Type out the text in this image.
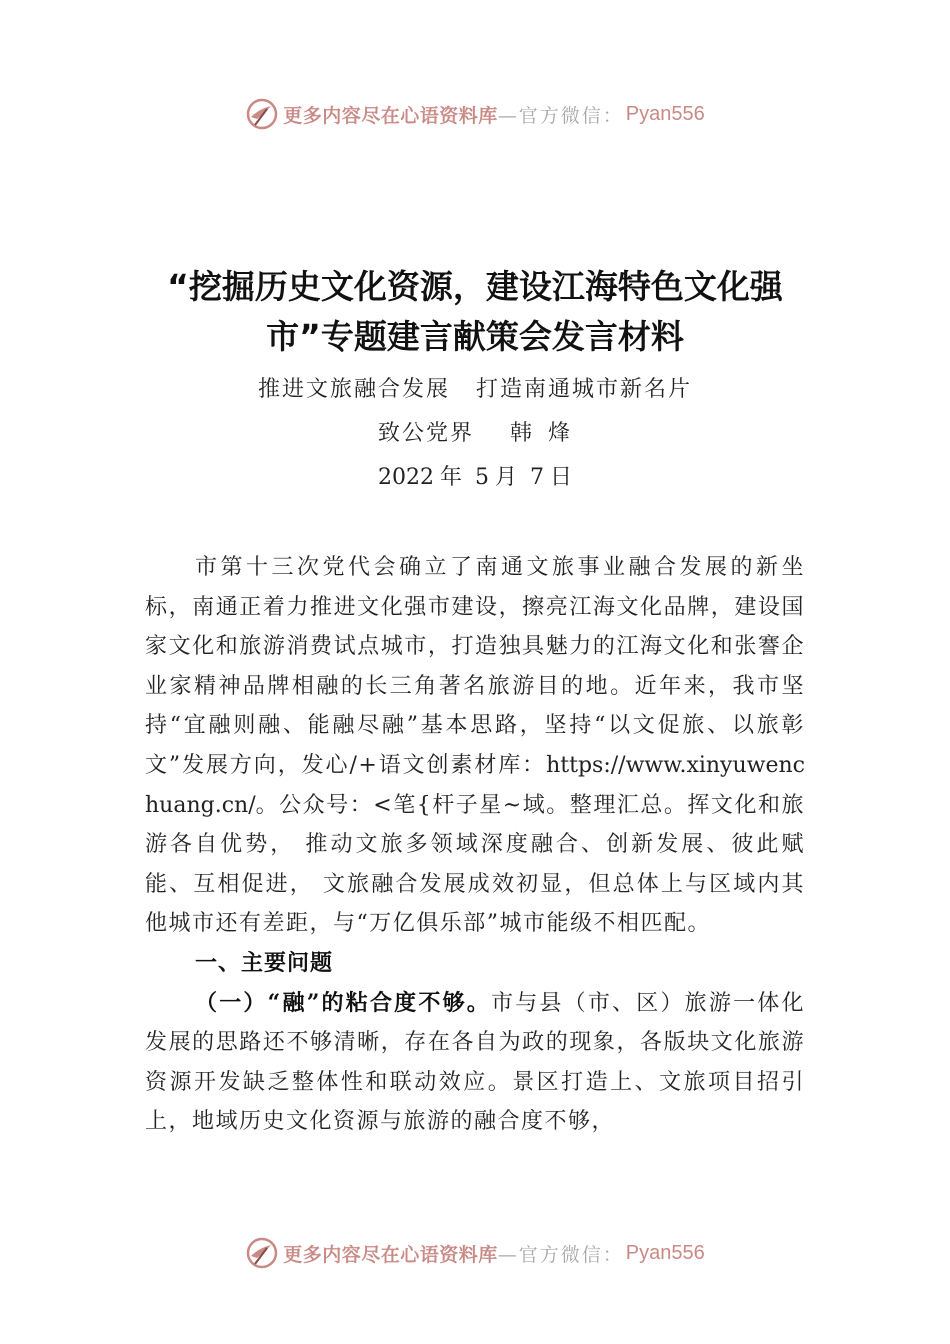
更多内容尽在心语资料库 —官方微信： Pyan556
“挖掘历史文化资源，建设江海特色文化强
市”专题建言献策会发言材料
推进文旅融合发展 打造南通城市新名片
致公党界 韩 烽
2022 年 5 月 7 日

市第十三次党代会确立了南通文旅事业融合发展的新坐标，南通正着力推进文化强市建设，擦亮江海文化品牌，建设国家文化和旅游消费试点城市，打造独具魅力的江海文化和张謇企业家精神品牌相融的长三角著名旅游目的地。近年来，我市坚持“宜融则融、能融尽融”基本思路，坚持“以文促旅、以旅彰文”发展方向，发心/+语文创素材库：https://www.xinyuwenchuang.cn/。公众号：<笔{杆子星~域。整理汇总。挥文化和旅游各自优势， 推动文旅多领域深度融合、创新发展、彼此赋能、互相促进， 文旅融合发展成效初显，但总体上与区域内其他城市还有差距，与“万亿俱乐部”城市能级不相匹配。

一、主要问题

（一）“融”的粘合度不够。市与县（市、区）旅游一体化发展的思路还不够清晰，存在各自为政的现象，各版块文化旅游资源开发缺乏整体性和联动效应。景区打造上、文旅项目招引上，地域历史文化资源与旅游的融合度不够，

更多内容尽在心语资料库 —官方微信： Pyan556
